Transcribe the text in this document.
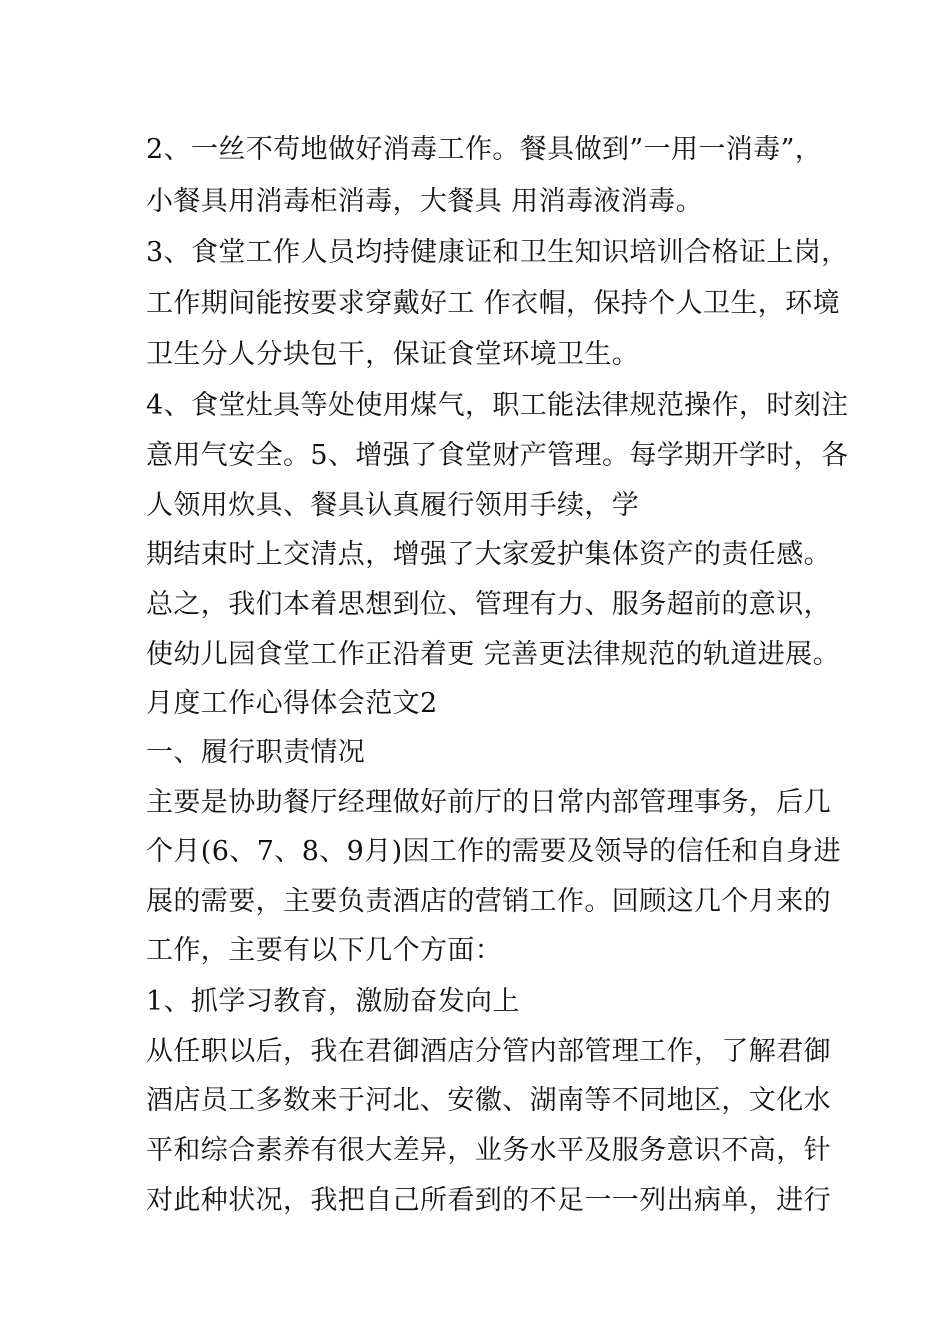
2、一丝不苟地做好消毒工作。餐具做到”一用一消毒”，
小餐具用消毒柜消毒，大餐具 用消毒液消毒。
3、食堂工作人员均持健康证和卫生知识培训合格证上岗，
工作期间能按要求穿戴好工 作衣帽，保持个人卫生，环境
卫生分人分块包干，保证食堂环境卫生。
4、食堂灶具等处使用煤气，职工能法律规范操作，时刻注
意用气安全。5、增强了食堂财产管理。每学期开学时，各
人领用炊具、餐具认真履行领用手续，学
期结束时上交清点，增强了大家爱护集体资产的责任感。
总之，我们本着思想到位、管理有力、服务超前的意识，
使幼儿园食堂工作正沿着更 完善更法律规范的轨道进展。
月度工作心得体会范文2
一、履行职责情况
主要是协助餐厅经理做好前厅的日常内部管理事务，后几
个月(6、7、8、9月)因工作的需要及领导的信任和自身进
展的需要，主要负责酒店的营销工作。回顾这几个月来的
工作，主要有以下几个方面：
1、抓学习教育，激励奋发向上
从任职以后，我在君御酒店分管内部管理工作，了解君御
酒店员工多数来于河北、安徽、湖南等不同地区，文化水
平和综合素养有很大差异，业务水平及服务意识不高，针
对此种状况，我把自己所看到的不足一一列出病单，进行
